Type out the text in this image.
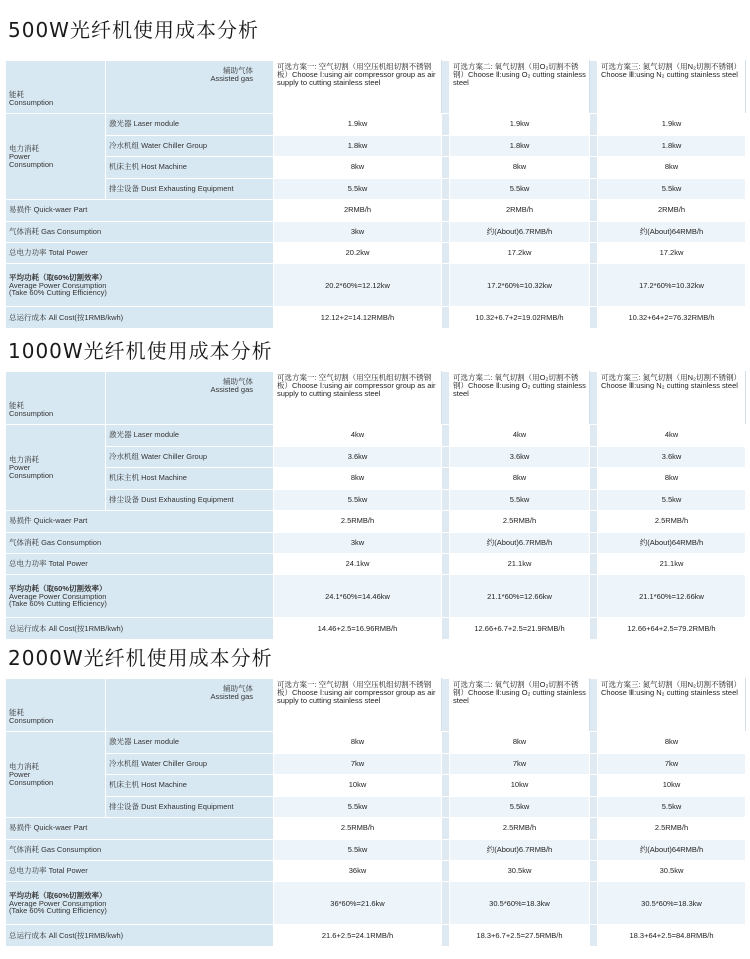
500W光纤机使用成本分析
能耗
Consumption	辅助气体
Assisted gas	可选方案一: 空气切割（用空压机组切割不锈钢板）Choose Ⅰ:using air compressor group as air supply to cutting stainless steel		可选方案二: 氧气切割（用O₂切割不锈钢）Choose Ⅱ:using O₂ cutting stainless steel		可选方案三: 氮气切割（用N₂切割不锈钢）Choose Ⅲ:using N₂ cutting stainless steel

电力消耗
Power
Consumption	激光器 Laser module	1.9kw		1.9kw		1.9kw
	冷水机组 Water Chiller Group	1.8kw		1.8kw		1.8kw
	机床主机 Host Machine	8kw		8kw		8kw
	排尘设备 Dust Exhausting Equipment	5.5kw		5.5kw		5.5kw
易损件 Quick-waer Part		2RMB/h		2RMB/h		2RMB/h
气体消耗 Gas Consumption		3kw		约(About)6.7RMB/h		约(About)64RMB/h
总电力功率 Total Power		20.2kw		17.2kw		17.2kw

平均功耗（取60%切割效率）
Average Power Consumption
(Take 60% Cutting Efficiency)		20.2*60%=12.12kw		17.2*60%=10.32kw		17.2*60%=10.32kw
总运行成本 All Cost(按1RMB/kwh)		12.12+2=14.12RMB/h		10.32+6.7+2=19.02RMB/h		10.32+64+2=76.32RMB/h
1000W光纤机使用成本分析
能耗
Consumption	辅助气体
Assisted gas	可选方案一: 空气切割（用空压机组切割不锈钢板）Choose Ⅰ:using air compressor group as air supply to cutting stainless steel		可选方案二: 氧气切割（用O₂切割不锈钢）Choose Ⅱ:using O₂ cutting stainless steel		可选方案三: 氮气切割（用N₂切割不锈钢）Choose Ⅲ:using N₂ cutting stainless steel

电力消耗
Power
Consumption	激光器 Laser module	4kw		4kw		4kw
	冷水机组 Water Chiller Group	3.6kw		3.6kw		3.6kw
	机床主机 Host Machine	8kw		8kw		8kw
	排尘设备 Dust Exhausting Equipment	5.5kw		5.5kw		5.5kw
易损件 Quick-waer Part		2.5RMB/h		2.5RMB/h		2.5RMB/h
气体消耗 Gas Consumption		3kw		约(About)6.7RMB/h		约(About)64RMB/h
总电力功率 Total Power		24.1kw		21.1kw		21.1kw

平均功耗（取60%切割效率）
Average Power Consumption
(Take 60% Cutting Efficiency)		24.1*60%=14.46kw		21.1*60%=12.66kw		21.1*60%=12.66kw
总运行成本 All Cost(按1RMB/kwh)		14.46+2.5=16.96RMB/h		12.66+6.7+2.5=21.9RMB/h		12.66+64+2.5=79.2RMB/h
2000W光纤机使用成本分析
能耗
Consumption	辅助气体
Assisted gas	可选方案一: 空气切割（用空压机组切割不锈钢板）Choose Ⅰ:using air compressor group as air supply to cutting stainless steel		可选方案二: 氧气切割（用O₂切割不锈钢）Choose Ⅱ:using O₂ cutting stainless steel		可选方案三: 氮气切割（用N₂切割不锈钢）Choose Ⅲ:using N₂ cutting stainless steel

电力消耗
Power
Consumption	激光器 Laser module	8kw		8kw		8kw
	冷水机组 Water Chiller Group	7kw		7kw		7kw
	机床主机 Host Machine	10kw		10kw		10kw
	排尘设备 Dust Exhausting Equipment	5.5kw		5.5kw		5.5kw
易损件 Quick-waer Part		2.5RMB/h		2.5RMB/h		2.5RMB/h
气体消耗 Gas Consumption		5.5kw		约(About)6.7RMB/h		约(About)64RMB/h
总电力功率 Total Power		36kw		30.5kw		30.5kw

平均功耗（取60%切割效率）
Average Power Consumption
(Take 60% Cutting Efficiency)		36*60%=21.6kw		30.5*60%=18.3kw		30.5*60%=18.3kw
总运行成本 All Cost(按1RMB/kwh)		21.6+2.5=24.1RMB/h		18.3+6.7+2.5=27.5RMB/h		18.3+64+2.5=84.8RMB/h
